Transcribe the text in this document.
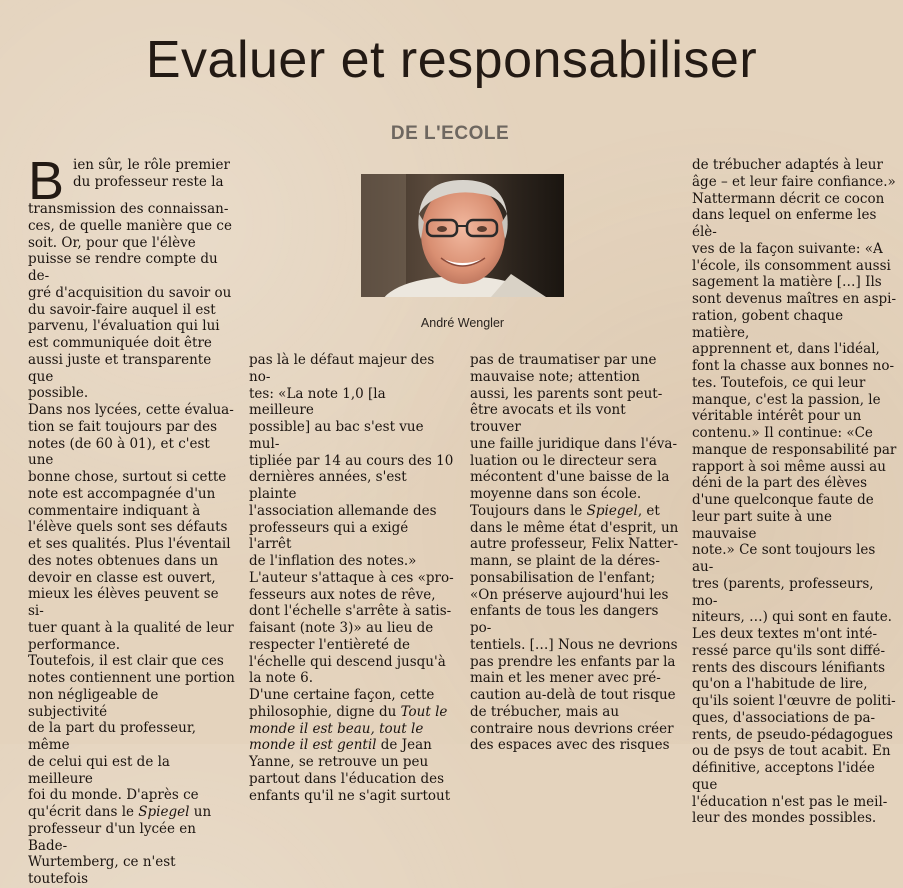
Evaluer et responsabiliser
DE L'ECOLE
André Wengler
B ien sûr, le rôle premier

du professeur reste la

transmission des connaissan-

ces, de quelle manière que ce

soit. Or, pour que l'élève

puisse se rendre compte du de-

gré d'acquisition du savoir ou

du savoir-faire auquel il est

parvenu, l'évaluation qui lui

est communiquée doit être

aussi juste et transparente que

possible.

Dans nos lycées, cette évalua-

tion se fait toujours par des

notes (de 60 à 01), et c'est une

bonne chose, surtout si cette

note est accompagnée d'un

commentaire indiquant à

l'élève quels sont ses défauts

et ses qualités. Plus l'éventail

des notes obtenues dans un

devoir en classe est ouvert,

mieux les élèves peuvent se si-

tuer quant à la qualité de leur

performance.

Toutefois, il est clair que ces

notes contiennent une portion

non négligeable de subjectivité

de la part du professeur, même

de celui qui est de la meilleure

foi du monde. D'après ce

qu'écrit dans le Spiegel un

professeur d'un lycée en Bade-

Wurtemberg, ce n'est toutefois

pas là le défaut majeur des no-

tes: «La note 1,0 [la meilleure

possible] au bac s'est vue mul-

tipliée par 14 au cours des 10

dernières années, s'est plainte

l'association allemande des

professeurs qui a exigé l'arrêt

de l'inflation des notes.»

L'auteur s'attaque à ces «pro-

fesseurs aux notes de rêve,

dont l'échelle s'arrête à satis-

faisant (note 3)» au lieu de

respecter l'entièreté de

l'échelle qui descend jusqu'à

la note 6.

D'une certaine façon, cette

philosophie, digne du Tout le

monde il est beau, tout le

monde il est gentil de Jean

Yanne, se retrouve un peu

partout dans l'éducation des

enfants qu'il ne s'agit surtout

pas de traumatiser par une

mauvaise note; attention

aussi, les parents sont peut-

être avocats et ils vont trouver

une faille juridique dans l'éva-

luation ou le directeur sera

mécontent d'une baisse de la

moyenne dans son école.

Toujours dans le Spiegel, et

dans le même état d'esprit, un

autre professeur, Felix Natter-

mann, se plaint de la déres-

ponsabilisation de l'enfant;

«On préserve aujourd'hui les

enfants de tous les dangers po-

tentiels. […] Nous ne devrions

pas prendre les enfants par la

main et les mener avec pré-

caution au-delà de tout risque

de trébucher, mais au

contraire nous devrions créer

des espaces avec des risques

de trébucher adaptés à leur

âge – et leur faire confiance.»

Nattermann décrit ce cocon

dans lequel on enferme les élè-

ves de la façon suivante: «A

l'école, ils consomment aussi

sagement la matière […] Ils

sont devenus maîtres en aspi-

ration, gobent chaque matière,

apprennent et, dans l'idéal,

font la chasse aux bonnes no-

tes. Toutefois, ce qui leur

manque, c'est la passion, le

véritable intérêt pour un

contenu.» Il continue: «Ce

manque de responsabilité par

rapport à soi même aussi au

déni de la part des élèves

d'une quelconque faute de

leur part suite à une mauvaise

note.» Ce sont toujours les au-

tres (parents, professeurs, mo-

niteurs, …) qui sont en faute.

Les deux textes m'ont inté-

ressé parce qu'ils sont diffé-

rents des discours lénifiants

qu'on a l'habitude de lire,

qu'ils soient l'œuvre de politi-

ques, d'associations de pa-

rents, de pseudo-pédagogues

ou de psys de tout acabit. En

définitive, acceptons l'idée que

l'éducation n'est pas le meil-

leur des mondes possibles.
